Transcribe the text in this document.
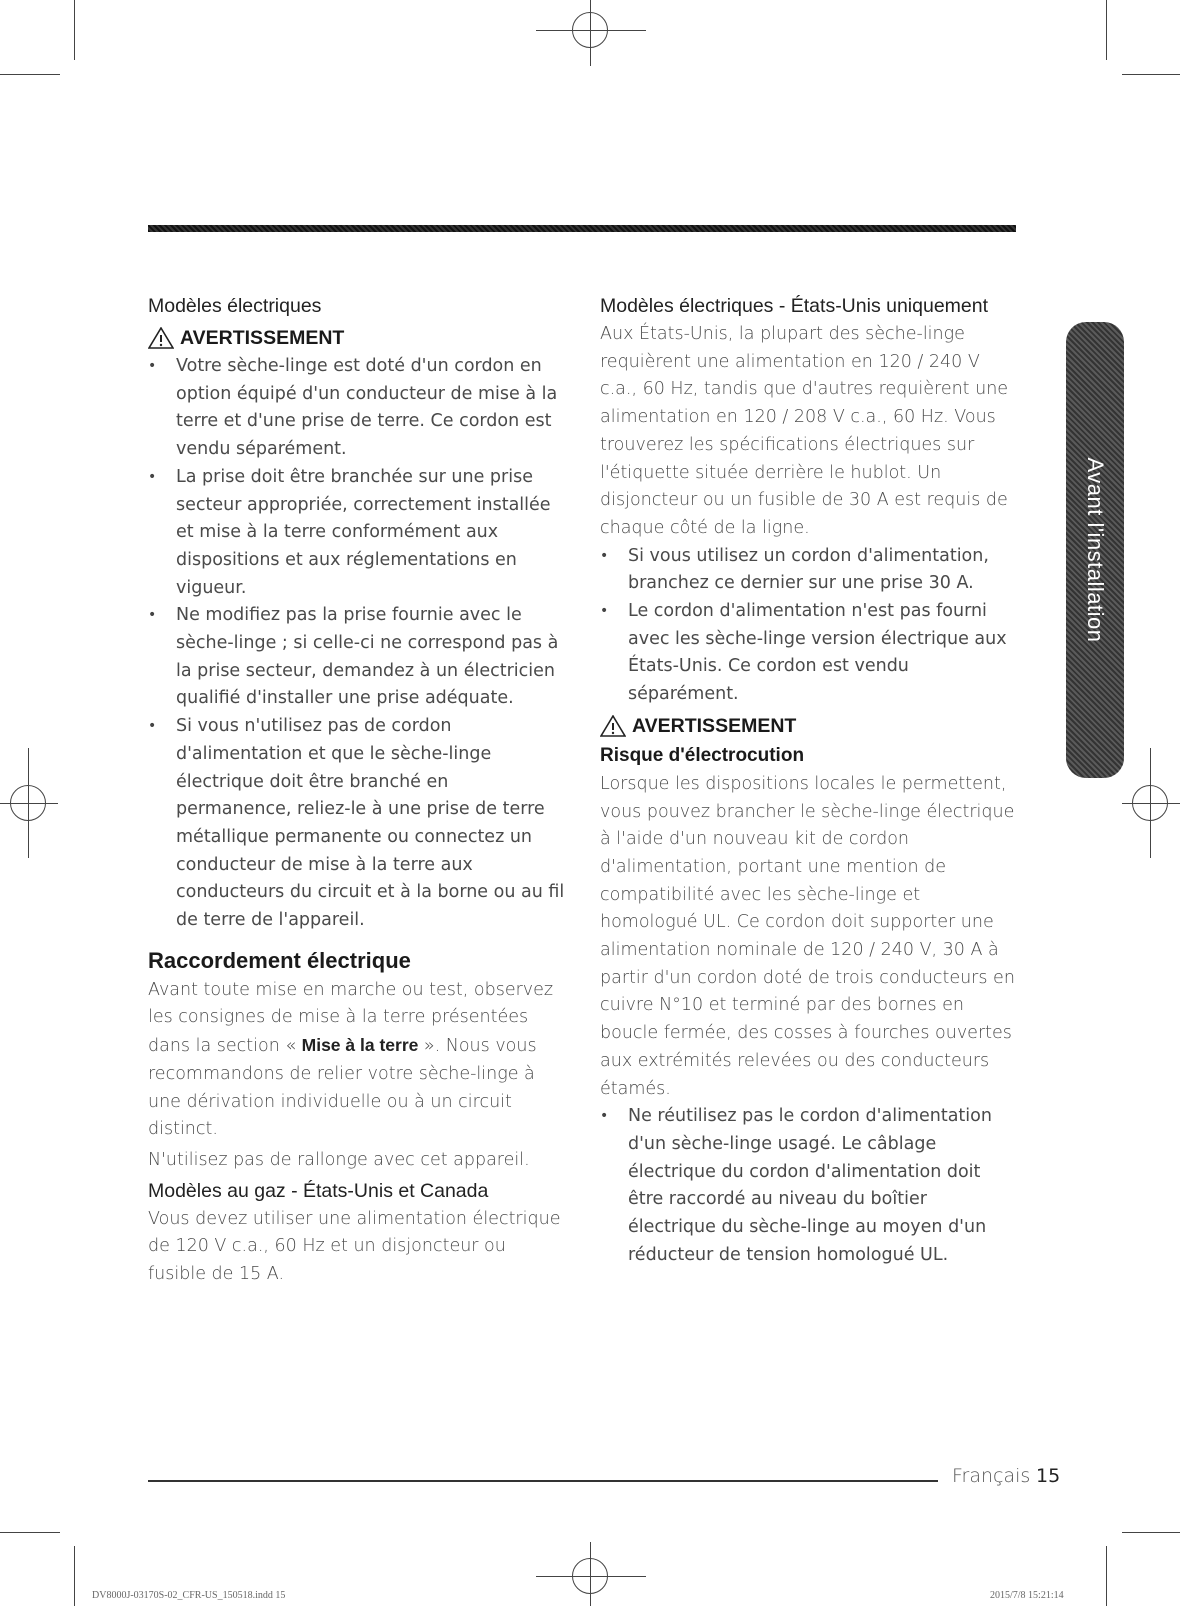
Modèles électriques

AVERTISSEMENT
• Votre sèche-linge est doté d'un cordon en option équipé d'un conducteur de mise à la terre et d'une prise de terre. Ce cordon est vendu séparément.
• La prise doit être branchée sur une prise secteur appropriée, correctement installée et mise à la terre conformément aux dispositions et aux réglementations en vigueur.
• Ne modifiez pas la prise fournie avec le sèche-linge ; si celle-ci ne correspond pas à la prise secteur, demandez à un électricien qualifié d'installer une prise adéquate.
• Si vous n'utilisez pas de cordon d'alimentation et que le sèche-linge électrique doit être branché en permanence, reliez-le à une prise de terre métallique permanente ou connectez un conducteur de mise à la terre aux conducteurs du circuit et à la borne ou au fil de terre de l'appareil.

Raccordement électrique

Avant toute mise en marche ou test, observez les consignes de mise à la terre présentées dans la section « Mise à la terre ». Nous vous recommandons de relier votre sèche-linge à une dérivation individuelle ou à un circuit distinct.

N'utilisez pas de rallonge avec cet appareil.

Modèles au gaz - États-Unis et Canada

Vous devez utiliser une alimentation électrique de 120 V c.a., 60 Hz et un disjoncteur ou fusible de 15 A.

Modèles électriques - États-Unis uniquement

Aux États-Unis, la plupart des sèche-linge requièrent une alimentation en 120 / 240 V c.a., 60 Hz, tandis que d'autres requièrent une alimentation en 120 / 208 V c.a., 60 Hz. Vous trouverez les spécifications électriques sur l'étiquette située derrière le hublot. Un disjoncteur ou un fusible de 30 A est requis de chaque côté de la ligne.

• Si vous utilisez un cordon d'alimentation, branchez ce dernier sur une prise 30 A.
• Le cordon d'alimentation n'est pas fourni avec les sèche-linge version électrique aux États-Unis. Ce cordon est vendu séparément.
AVERTISSEMENT

Risque d'électrocution

Lorsque les dispositions locales le permettent, vous pouvez brancher le sèche-linge électrique à l'aide d'un nouveau kit de cordon d'alimentation, portant une mention de compatibilité avec les sèche-linge et homologué UL. Ce cordon doit supporter une alimentation nominale de 120 / 240 V, 30 A à partir d'un cordon doté de trois conducteurs en cuivre N°10 et terminé par des bornes en boucle fermée, des cosses à fourches ouvertes aux extrémités relevées ou des conducteurs étamés.

• Ne réutilisez pas le cordon d'alimentation d'un sèche-linge usagé. Le câblage électrique du cordon d'alimentation doit être raccordé au niveau du boîtier électrique du sèche-linge au moyen d'un réducteur de tension homologué UL.
Avant l'installation
Français 15
DV8000J-03170S-02_CFR-US_150518.indd 15	2015/7/8 15:21:14
